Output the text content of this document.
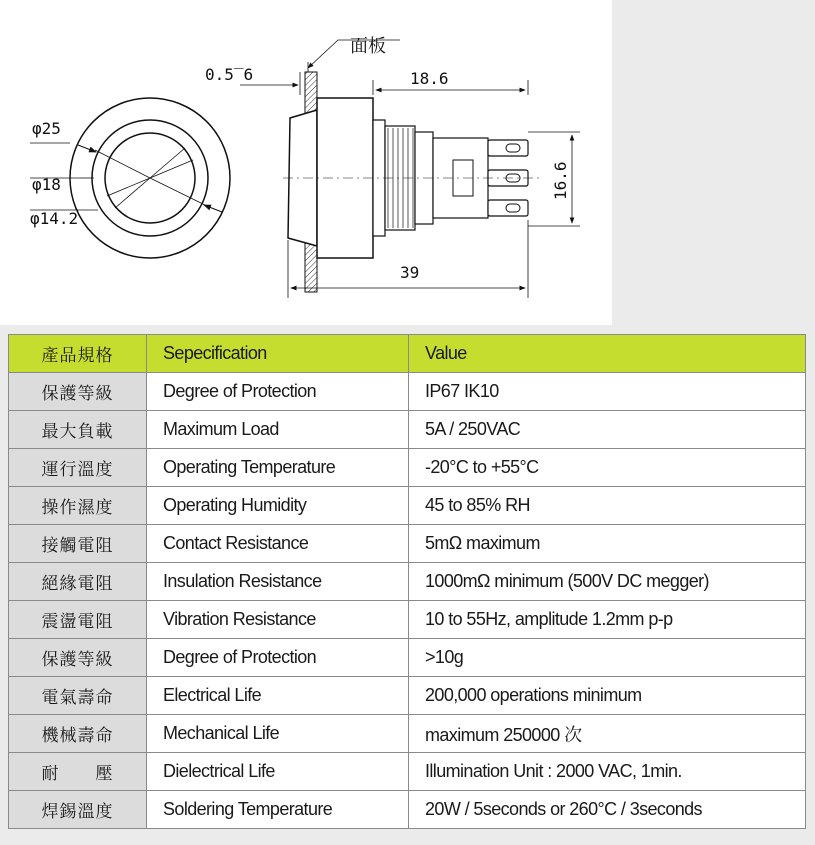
φ25
φ18
φ14.2
面板
0.5‾6	18.6
16.6
39
產品規格	Sepecification	Value
保護等級	Degree of Protection	IP67 IK10
最大負載	Maximum Load	5A / 250VAC
運行溫度	Operating Temperature	-20°C to +55°C
操作濕度	Operating Humidity	45 to 85% RH
接觸電阻	Contact Resistance	5mΩ maximum
絕緣電阻	Insulation Resistance	1000mΩ minimum (500V DC megger)
震盪電阻	Vibration Resistance	10 to 55Hz, amplitude 1.2mm p-p
保護等級	Degree of Protection	>10g
電氣壽命	Electrical Life	200,000 operations minimum
機械壽命	Mechanical Life	maximum 250000 次
耐　　壓	Dielectrical Life	Illumination Unit : 2000 VAC, 1min.
焊錫溫度	Soldering Temperature	20W / 5seconds or 260°C / 3seconds
